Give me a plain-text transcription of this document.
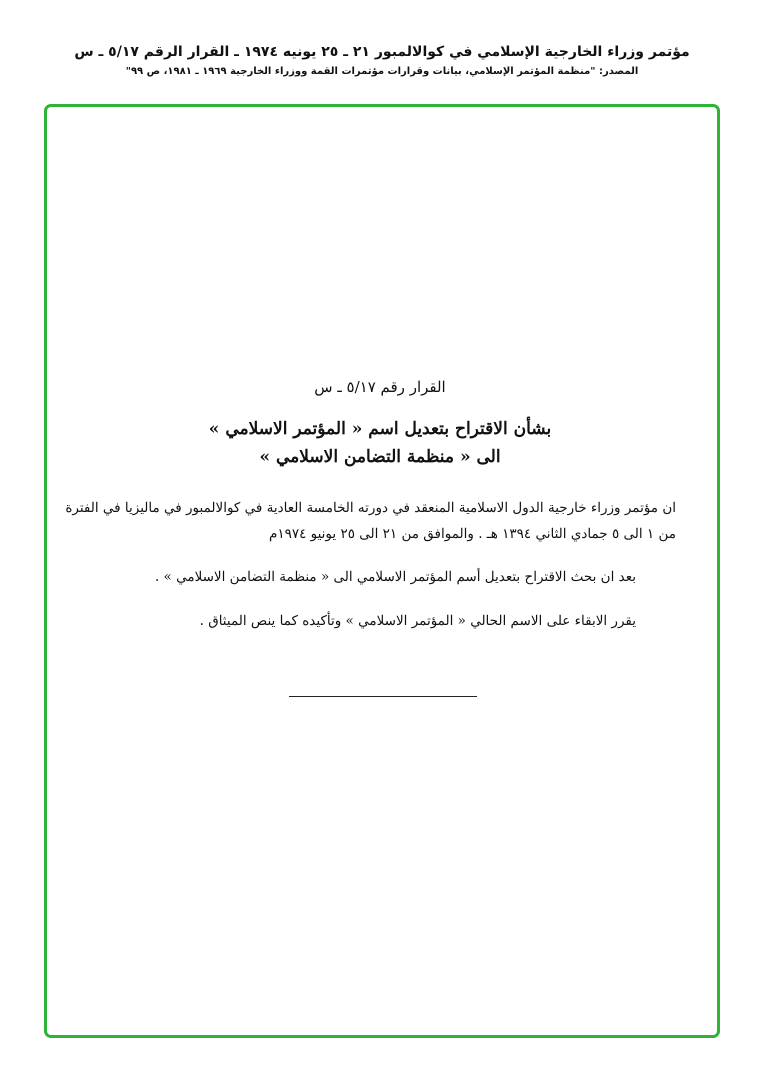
مؤتمر وزراء الخارجية الإسلامي في كوالالمبور ٢١ ـ ٢٥ يونيه ١٩٧٤ ـ القرار الرقم ٥/١٧ ـ س
المصدر: "منظمة المؤتمر الإسلامي، بيانات وقرارات مؤتمرات القمة ووزراء الخارجية ١٩٦٩ ـ ١٩٨١، ص ٩٩"
القرار رقم ٥/١٧ ـ س
بشأن الاقتراح بتعديل اسم « المؤتمر الاسلامي »
الى « منظمة التضامن الاسلامي »
ان مؤتمر وزراء خارجية الدول الاسلامية المنعقد في دورته الخامسة العادية في كوالالمبور في ماليزيا في الفترة
من ١ الى ٥ جمادي الثاني ١٣٩٤ هـ . والموافق من ٢١ الى ٢٥ يونيو ١٩٧٤م
بعد ان بحث الاقتراح بتعديل أسم المؤتمر الاسلامي الى « منظمة التضامن الاسلامي » .
يقرر الابقاء على الاسم الحالي « المؤتمر الاسلامي » وتأكيده كما ينص الميثاق .
